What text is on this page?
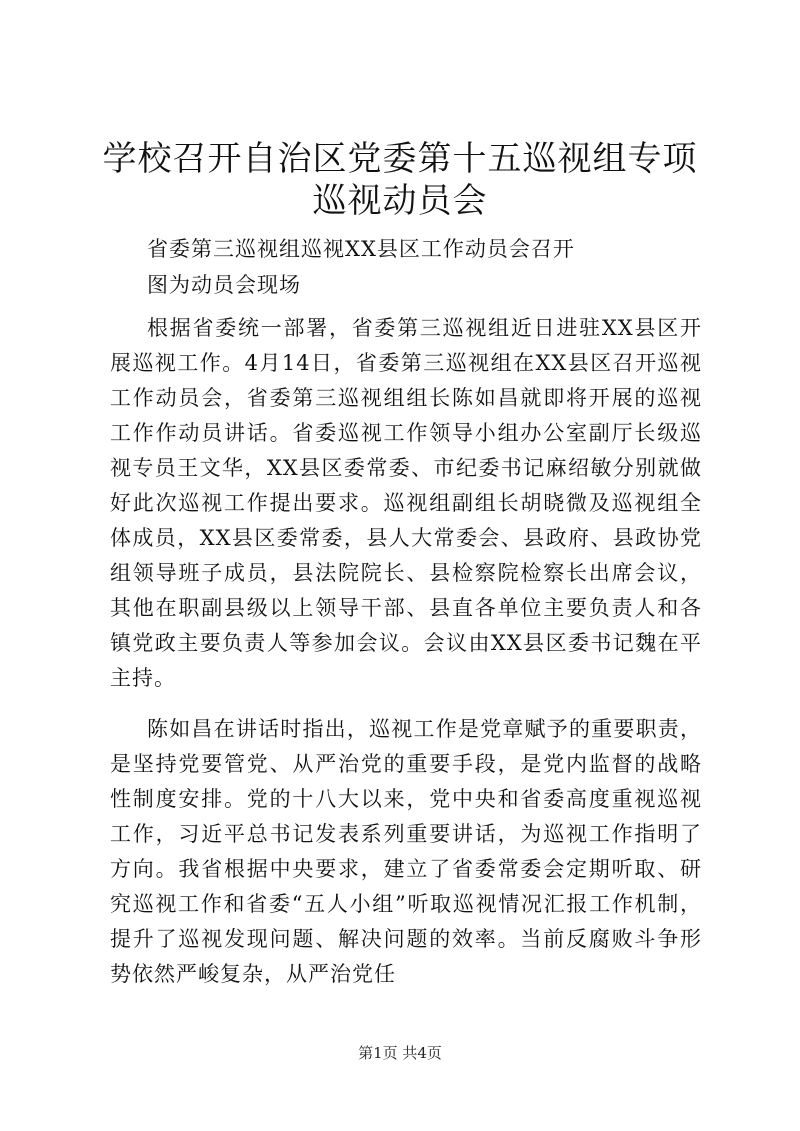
学校召开自治区党委第十五巡视组专项巡视动员会

省委第三巡视组巡视XX县区工作动员会召开

图为动员会现场

根据省委统一部署，省委第三巡视组近日进驻XX县区开展巡视工作。4月14日，省委第三巡视组在XX县区召开巡视工作动员会，省委第三巡视组组长陈如昌就即将开展的巡视工作作动员讲话。省委巡视工作领导小组办公室副厅长级巡视专员王文华，XX县区委常委、市纪委书记麻绍敏分别就做好此次巡视工作提出要求。巡视组副组长胡晓微及巡视组全体成员，XX县区委常委，县人大常委会、县政府、县政协党组领导班子成员，县法院院长、县检察院检察长出席会议，其他在职副县级以上领导干部、县直各单位主要负责人和各镇党政主要负责人等参加会议。会议由XX县区委书记魏在平主持。

陈如昌在讲话时指出，巡视工作是党章赋予的重要职责，是坚持党要管党、从严治党的重要手段，是党内监督的战略性制度安排。党的十八大以来，党中央和省委高度重视巡视工作，习近平总书记发表系列重要讲话，为巡视工作指明了方向。我省根据中央要求，建立了省委常委会定期听取、研究巡视工作和省委“五人小组”听取巡视情况汇报工作机制，提升了巡视发现问题、解决问题的效率。当前反腐败斗争形势依然严峻复杂，从严治党任

第1页 共4页
